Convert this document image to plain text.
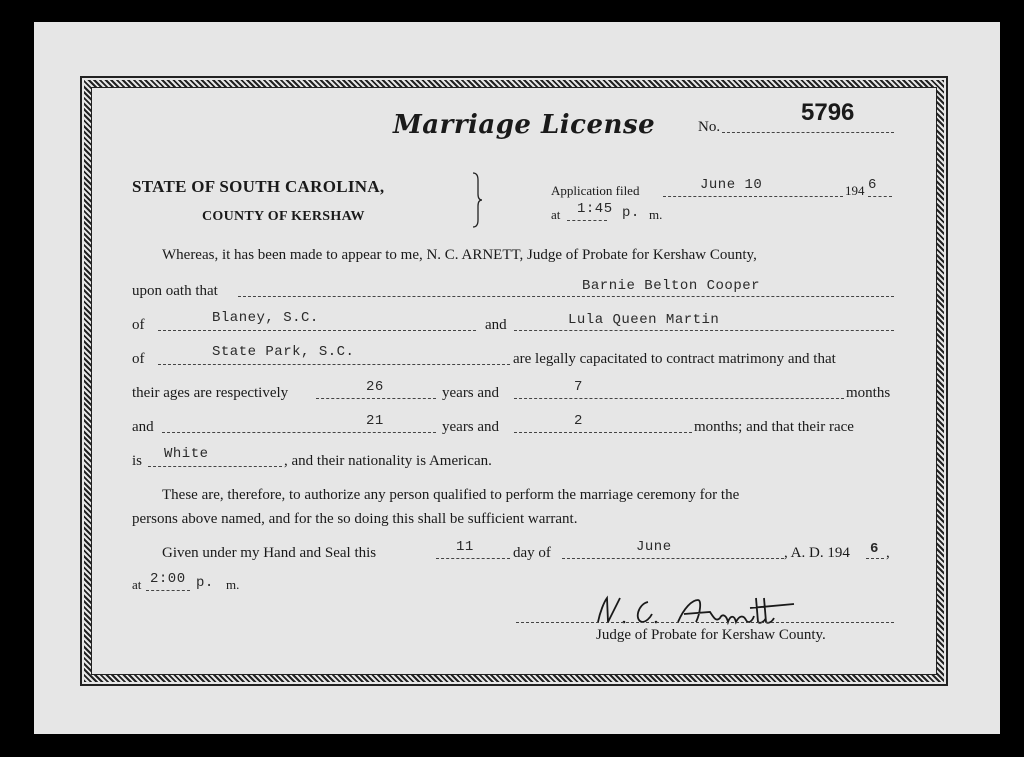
Marriage License	No.
5796
STATE OF SOUTH CAROLINA,
COUNTY OF KERSHAW
Application filed	June 10	194 6
at 1:45 p. m.
Whereas, it has been made to appear to me, N. C. ARNETT, Judge of Probate for Kershaw County,
upon oath that	Barnie Belton Cooper
of	Blaney, S.C.	and	Lula Queen Martin
of	State Park, S.C.	are legally capacitated to contract matrimony and that
their ages are respectively	26	years and	7	months
and	21	years and	2	months; and that their race
is White	, and their nationality is American.
These are, therefore, to authorize any person qualified to perform the marriage ceremony for the
persons above named, and for the so doing this shall be sufficient warrant.
Given under my Hand and Seal this	11	day of	June	, A. D. 194 6 ,
at 2:00 p. m.
Judge of Probate for Kershaw County.
